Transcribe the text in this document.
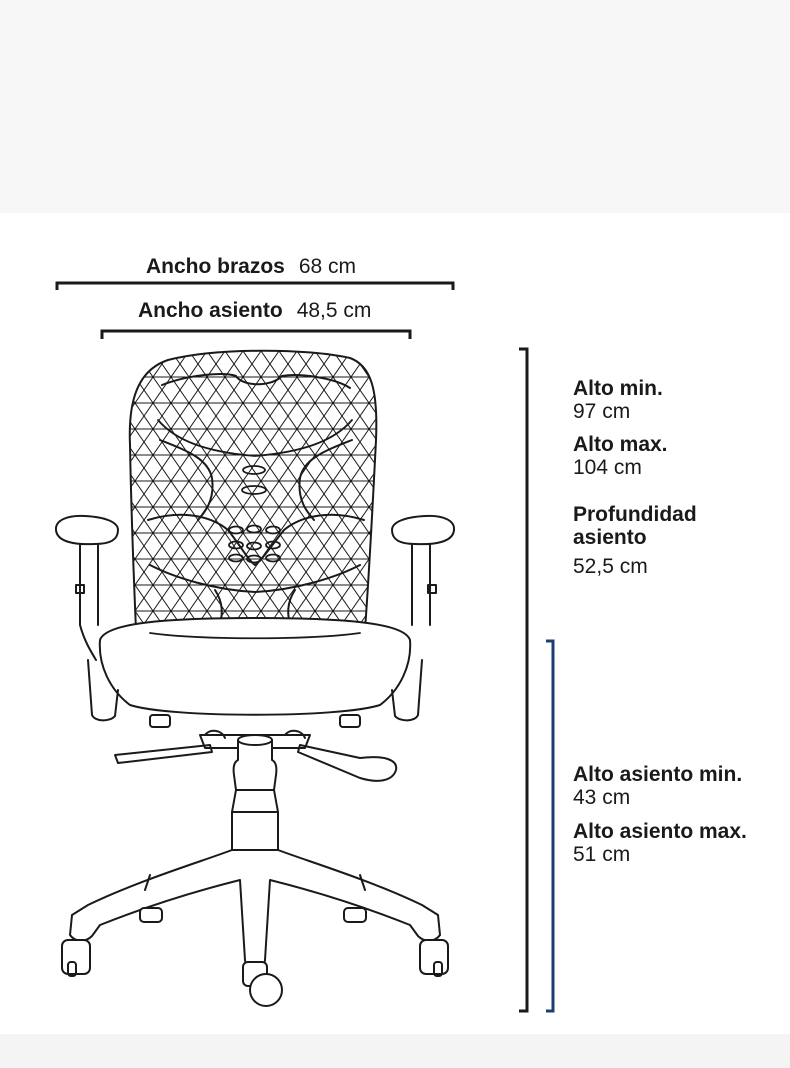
Ancho brazos 68 cm
Ancho asiento 48,5 cm
Alto min.
97 cm
Alto max.
104 cm
Profundidad asiento
52,5 cm
Alto asiento min.
43 cm
Alto asiento max.
51 cm
